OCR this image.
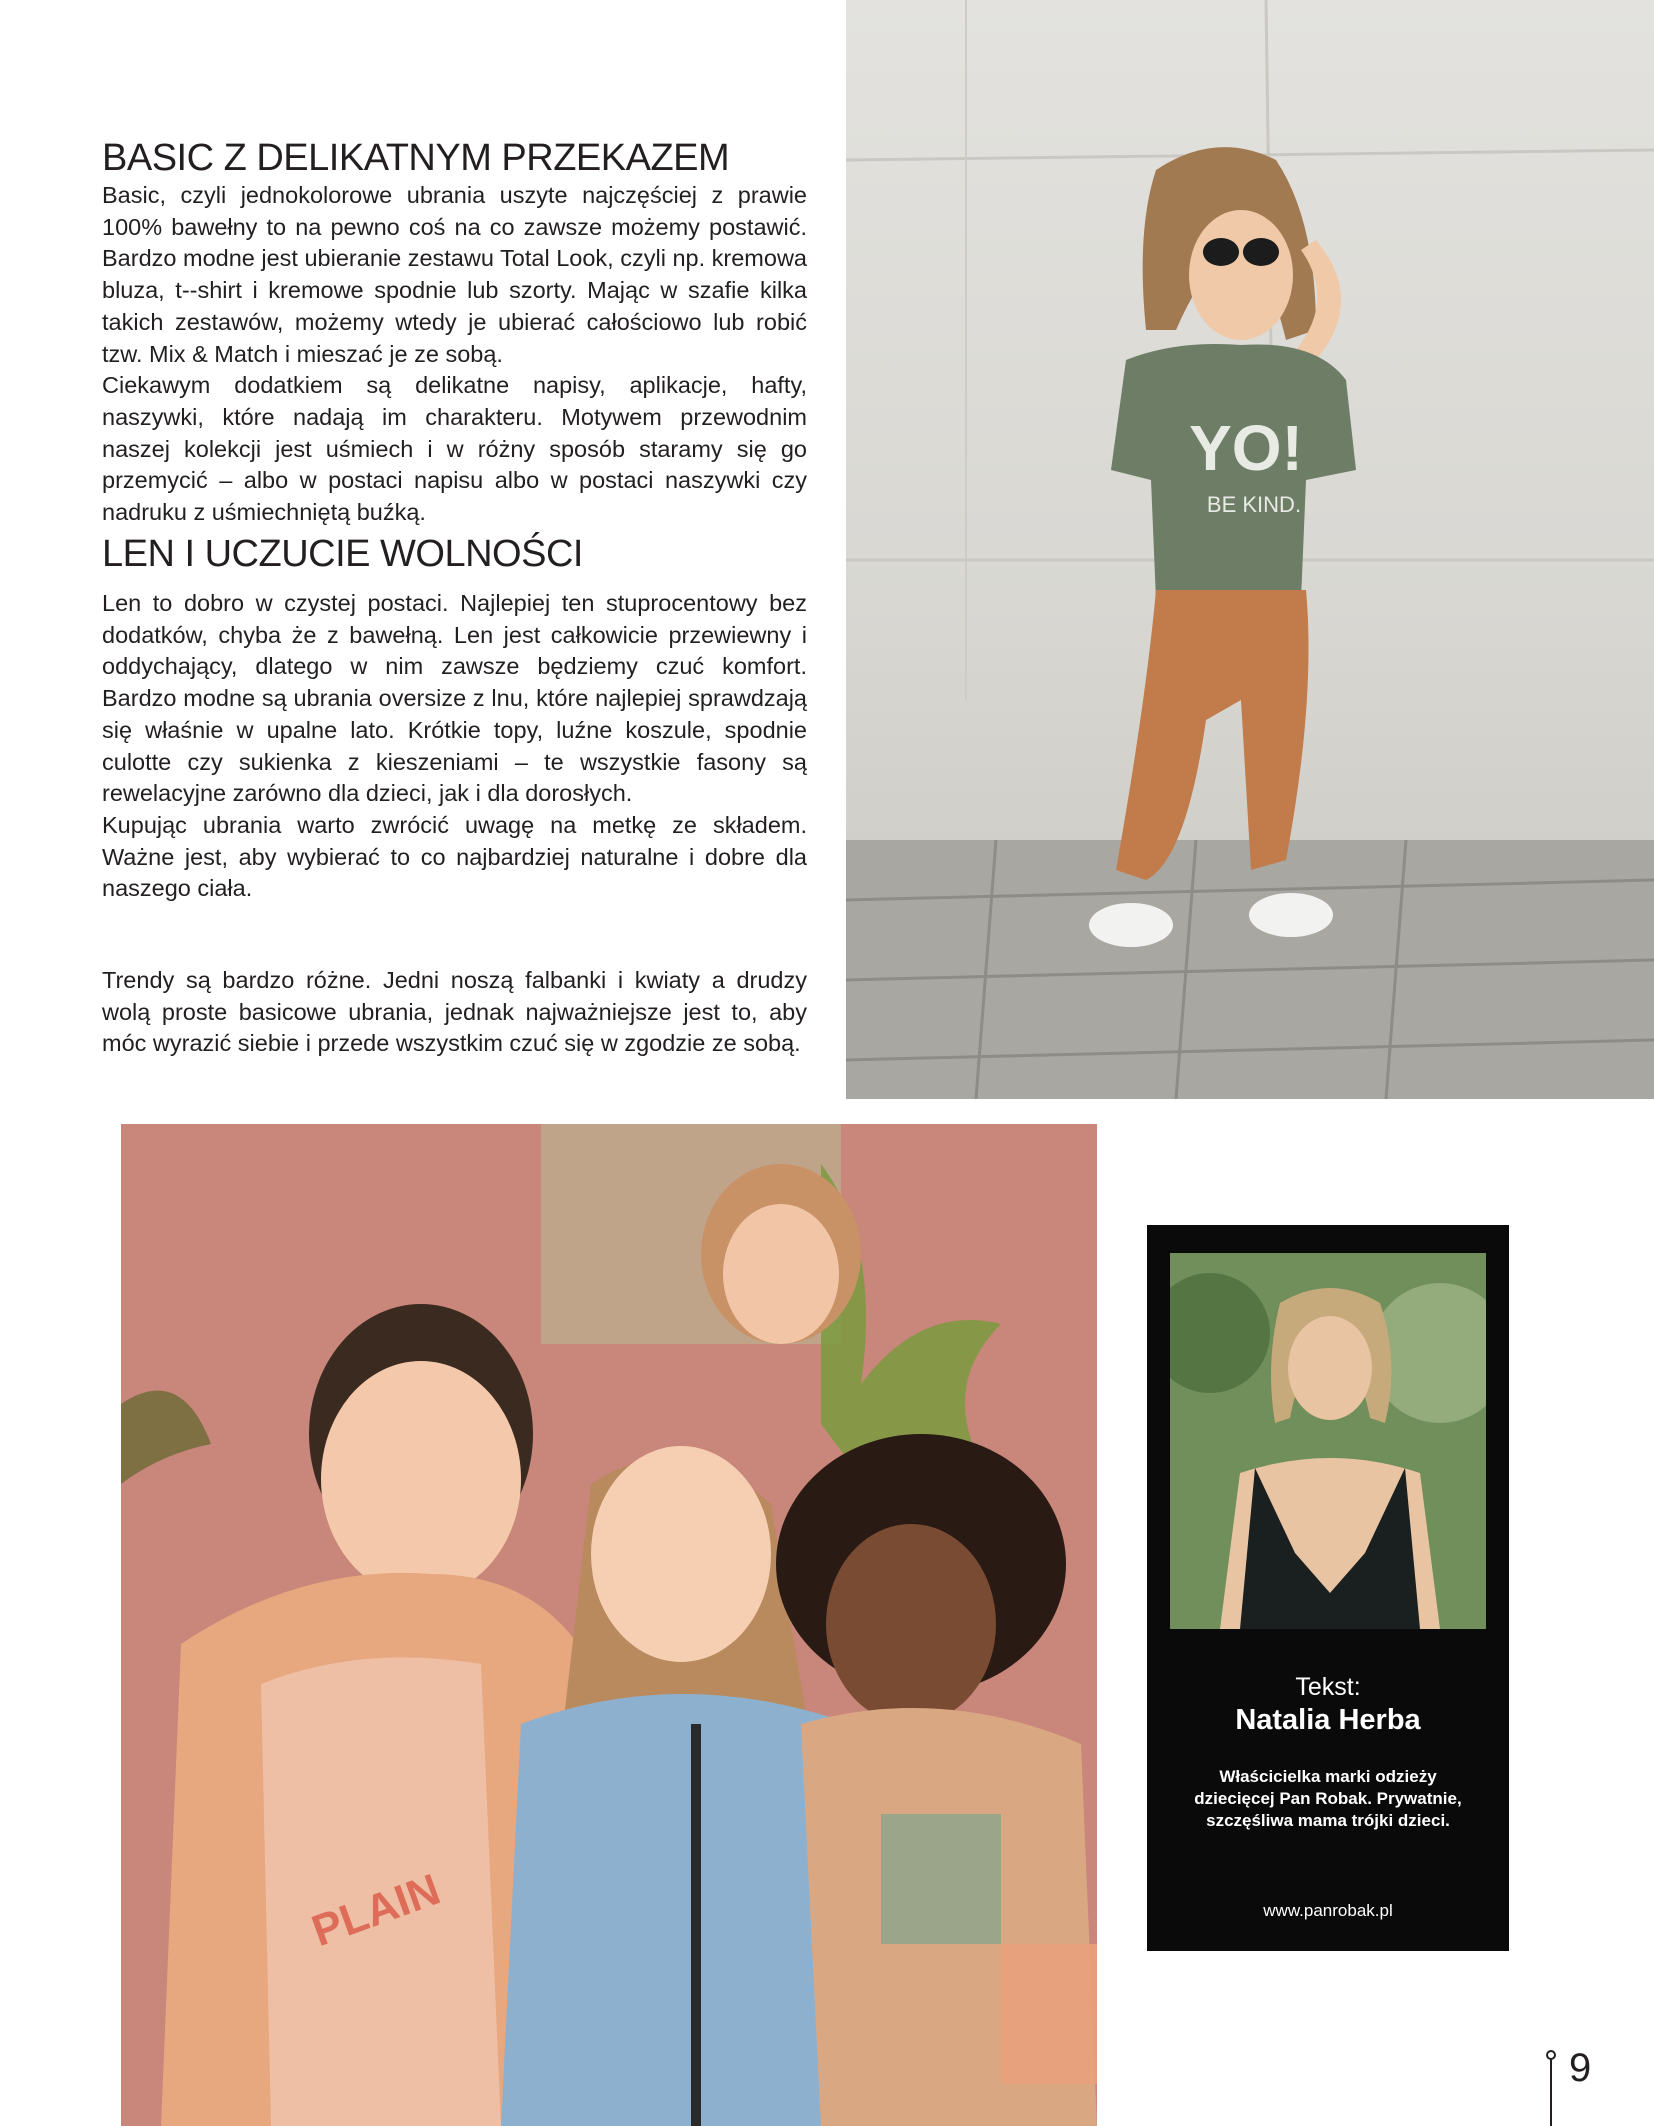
YO!
BE KIND.
BASIC Z DELIKATNYM PRZEKAZEM

Basic, czyli jednokolorowe ubrania uszyte najczęściej z prawie 100% bawełny to na pewno coś na co zawsze możemy postawić. Bardzo modne jest ubieranie zestawu Total Look, czyli np. kremowa bluza, t--shirt i kremowe spodnie lub szorty. Mając w szafie kilka takich zestawów, możemy wtedy je ubierać całościowo lub robić tzw. Mix & Match i mieszać je ze sobą.

Ciekawym dodatkiem są delikatne napisy, aplikacje, hafty, naszywki, które nadają im charakteru. Motywem przewodnim naszej kolekcji jest uśmiech i w różny sposób staramy się go przemycić – albo w postaci napisu albo w postaci naszywki czy nadruku z uśmiechniętą buźką.

LEN I UCZUCIE WOLNOŚCI

Len to dobro w czystej postaci. Najlepiej ten stuprocentowy bez dodatków, chyba że z bawełną. Len jest całkowicie przewiewny i oddychający, dlatego w nim zawsze będziemy czuć komfort. Bardzo modne są ubrania oversize z lnu, które najlepiej sprawdzają się właśnie w upalne lato. Krótkie topy, luźne koszule, spodnie culotte czy sukienka z kieszeniami – te wszystkie fasony są rewelacyjne zarówno dla dzieci, jak i dla dorosłych.

Kupując ubrania warto zwrócić uwagę na metkę ze składem. Ważne jest, aby wybierać to co najbardziej naturalne i dobre dla naszego ciała.

Trendy są bardzo różne. Jedni noszą falbanki i kwiaty a drudzy wolą proste basicowe ubrania, jednak najważniejsze jest to, aby móc wyrazić siebie i przede wszystkim czuć się w zgodzie ze sobą.

PLAIN
Tekst:
Natalia Herba
Właścicielka marki odzieży dziecięcej Pan Robak. Prywatnie, szczęśliwa mama trójki dzieci.
www.panrobak.pl
9
